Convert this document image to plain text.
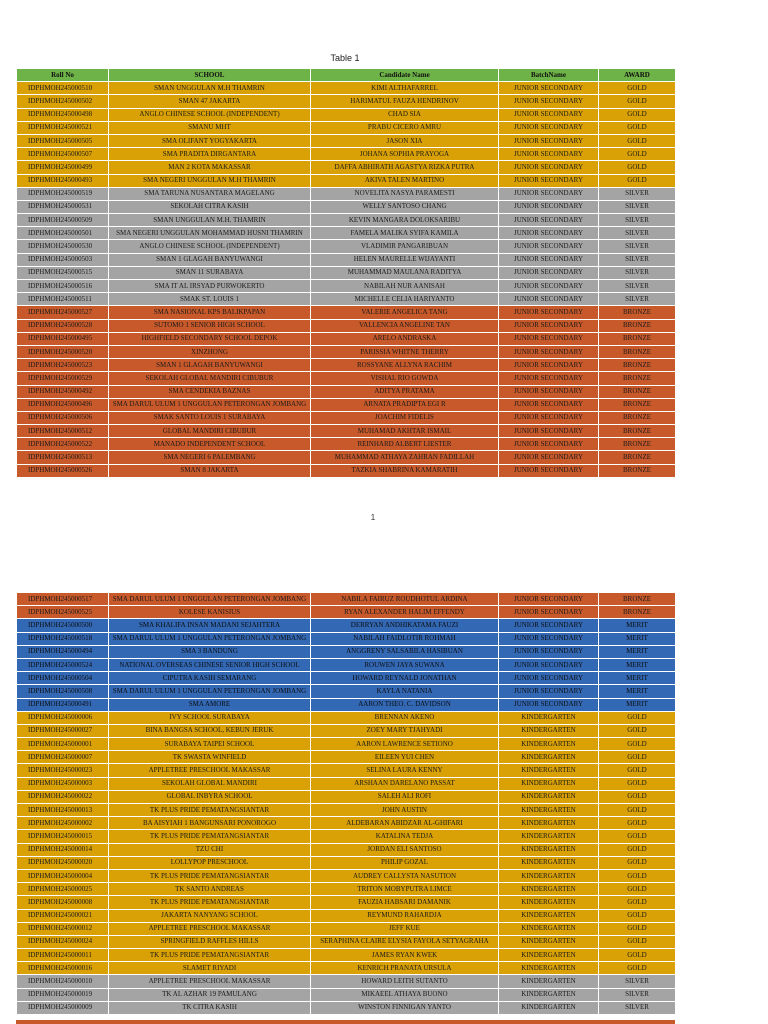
Table 1
Roll No	SCHOOL	Candidate Name	BatchName	AWARD
IDPHMOH245000510	SMAN UNGGULAN M.H THAMRIN	KIMI ALTHAFARREL	JUNIOR SECONDARY	GOLD
IDPHMOH245000502	SMAN 47 JAKARTA	HARIMATUL FAUZA HENDRINOV	JUNIOR SECONDARY	GOLD
IDPHMOH245000498	ANGLO CHINESE SCHOOL (INDEPENDENT)	CHAD SIA	JUNIOR SECONDARY	GOLD
IDPHMOH245000521	SMANU MHT	PRABU CICERO AMRU	JUNIOR SECONDARY	GOLD
IDPHMOH245000505	SMA OLIFANT YOGYAKARTA	JASON XIA	JUNIOR SECONDARY	GOLD
IDPHMOH245000507	SMA PRADITA DIRGANTARA	JOHANA SOPHIA PRAYOGA	JUNIOR SECONDARY	GOLD
IDPHMOH245000499	MAN 2 KOTA MAKASSAR	DAFFA ABHIRATH AGASTYA RIZKA PUTRA	JUNIOR SECONDARY	GOLD
IDPHMOH245000493	SMA NEGERI UNGGULAN M.H THAMRIN	AKIVA TALEN MARTINO	JUNIOR SECONDARY	GOLD
IDPHMOH245000519	SMA TARUNA NUSANTARA MAGELANG	NOVELITA NASYA PARAMESTI	JUNIOR SECONDARY	SILVER
IDPHMOH245000531	SEKOLAH CITRA KASIH	WELLY SANTOSO CHANG	JUNIOR SECONDARY	SILVER
IDPHMOH245000509	SMAN UNGGULAN M.H. THAMRIN	KEVIN MANGARA DOLOKSARIBU	JUNIOR SECONDARY	SILVER
IDPHMOH245000501	SMA NEGERI UNGGULAN MOHAMMAD HUSNI THAMRIN	FAMELA MALIKA SYIFA KAMILA	JUNIOR SECONDARY	SILVER
IDPHMOH245000530	ANGLO CHINESE SCHOOL (INDEPENDENT)	VLADIMIR PANGARIBUAN	JUNIOR SECONDARY	SILVER
IDPHMOH245000503	SMAN 1 GLAGAH BANYUWANGI	HELEN MAURELLE WIJAYANTI	JUNIOR SECONDARY	SILVER
IDPHMOH245000515	SMAN 11 SURABAYA	MUHAMMAD MAULANA RADITYA	JUNIOR SECONDARY	SILVER
IDPHMOH245000516	SMA IT AL IRSYAD PURWOKERTO	NABILAH NUR AANISAH	JUNIOR SECONDARY	SILVER
IDPHMOH245000511	SMAK ST. LOUIS 1	MICHELLE CELIA HARIYANTO	JUNIOR SECONDARY	SILVER
IDPHMOH245000527	SMA NASIONAL KPS BALIKPAPAN	VALERIE ANGELICA TANG	JUNIOR SECONDARY	BRONZE
IDPHMOH245000528	SUTOMO 1 SENIOR HIGH SCHOOL	VALLENCIA ANGELINE TAN	JUNIOR SECONDARY	BRONZE
IDPHMOH245000495	HIGHFIELD SECONDARY SCHOOL DEPOK	ARELO ANDRASKA	JUNIOR SECONDARY	BRONZE
IDPHMOH245000520	XINZHONG	PARISSIA WHITNE THERRY	JUNIOR SECONDARY	BRONZE
IDPHMOH245000523	SMAN 1 GLAGAH BANYUWANGI	ROSSYANE ALLYNA RACHIM	JUNIOR SECONDARY	BRONZE
IDPHMOH245000529	SEKOLAH GLOBAL MANDIRI CIBUBUR	VISHAL RIO GOWDA	JUNIOR SECONDARY	BRONZE
IDPHMOH245000492	SMA CENDEKIA BAZNAS	ADITYA PRATAMA	JUNIOR SECONDARY	BRONZE
IDPHMOH245000496	SMA DARUL ULUM 1 UNGGULAN PETERONGAN JOMBANG	ARNATA PRADIPTA EGI R	JUNIOR SECONDARY	BRONZE
IDPHMOH245000506	SMAK SANTO LOUIS 1 SURABAYA	JOACHIM FIDELIS	JUNIOR SECONDARY	BRONZE
IDPHMOH245000512	GLOBAL MANDIRI CIBUBUR	MUHAMAD AKHTAR ISMAIL	JUNIOR SECONDARY	BRONZE
IDPHMOH245000522	MANADO INDEPENDENT SCHOOL	REINHARD ALBERT LIESTER	JUNIOR SECONDARY	BRONZE
IDPHMOH245000513	SMA NEGERI 6 PALEMBANG	MUHAMMAD ATHAYA ZAHRAN FADILLAH	JUNIOR SECONDARY	BRONZE
IDPHMOH245000526	SMAN 8 JAKARTA	TAZKIA SHABRINA KAMARATIH	JUNIOR SECONDARY	BRONZE
1
IDPHMOH245000517	SMA DARUL ULUM 1 UNGGULAN PETERONGAN JOMBANG	NABILA FAIRUZ ROUDHOTUL ARDINA	JUNIOR SECONDARY	BRONZE
IDPHMOH245000525	KOLESE KANISIUS	RYAN ALEXANDER HALIM EFFENDY	JUNIOR SECONDARY	BRONZE
IDPHMOH245000500	SMA KHALIFA INSAN MADANI SEJAHTERA	DERRYAN ANDHIKATAMA FAUZI	JUNIOR SECONDARY	MERIT
IDPHMOH245000518	SMA DARUL ULUM 1 UNGGULAN PETERONGAN JOMBANG	NABILAH FAIDLOTIR ROHMAH	JUNIOR SECONDARY	MERIT
IDPHMOH245000494	SMA 3 BANDUNG	ANGGRENY SALSABILA HASIBUAN	JUNIOR SECONDARY	MERIT
IDPHMOH245000524	NATIONAL OVERSEAS CHINESE SENIOR HIGH SCHOOL	ROUWEN JAYA SUWANA	JUNIOR SECONDARY	MERIT
IDPHMOH245000504	CIPUTRA KASIH SEMARANG	HOWARD REYNALD JONATHAN	JUNIOR SECONDARY	MERIT
IDPHMOH245000508	SMA DARUL ULUM 1 UNGGULAN PETERONGAN JOMBANG	KAYLA NATANIA	JUNIOR SECONDARY	MERIT
IDPHMOH245000491	SMA AMORE	AARON THEO. C. DAVIDSON	JUNIOR SECONDARY	MERIT
IDPHMOH245000006	IVY SCHOOL SURABAYA	BRENNAN AKENO	KINDERGARTEN	GOLD
IDPHMOH245000027	BINA BANGSA SCHOOL, KEBUN JERUK	ZOEY MARY TJAHYADI	KINDERGARTEN	GOLD
IDPHMOH245000001	SURABAYA TAIPEI SCHOOL	AARON LAWRENCE SETIONO	KINDERGARTEN	GOLD
IDPHMOH245000007	TK SWASTA WINFIELD	EILEEN YUI CHEN	KINDERGARTEN	GOLD
IDPHMOH245000023	APPLETREE PRESCHOOL MAKASSAR	SELINA LAURA KENNY	KINDERGARTEN	GOLD
IDPHMOH245000003	SEKOLAH GLOBAL MANDIRI	ARSHAAN DARELANO PASSAT	KINDERGARTEN	GOLD
IDPHMOH245000022	GLOBAL INBYRA SCHOOL	SALEH ALI ROFI	KINDERGARTEN	GOLD
IDPHMOH245000013	TK PLUS PRIDE PEMATANGSIANTAR	JOHN AUSTIN	KINDERGARTEN	GOLD
IDPHMOH245000002	BA AISYIAH 1 BANGUNSARI PONOROGO	ALDEBARAN ABIDZAR AL-GHIFARI	KINDERGARTEN	GOLD
IDPHMOH245000015	TK PLUS PRIDE PEMATANGSIANTAR	KATALINA TEDJA	KINDERGARTEN	GOLD
IDPHMOH245000014	TZU CHI	JORDAN ELI SANTOSO	KINDERGARTEN	GOLD
IDPHMOH245000020	LOLLYPOP PRESCHOOL	PHILIP GOZAL	KINDERGARTEN	GOLD
IDPHMOH245000004	TK PLUS PRIDE PEMATANGSIANTAR	AUDREY CALLYSTA NASUTION	KINDERGARTEN	GOLD
IDPHMOH245000025	TK SANTO ANDREAS	TRITON MOBYPUTRA LIMCE	KINDERGARTEN	GOLD
IDPHMOH245000008	TK PLUS PRIDE PEMATANGSIANTAR	FAUZIA HABSARI DAMANIK	KINDERGARTEN	GOLD
IDPHMOH245000021	JAKARTA NANYANG SCHOOL	REYMUND RAHARDJA	KINDERGARTEN	GOLD
IDPHMOH245000012	APPLETREE PRESCHOOL MAKASSAR	JEFF KUE	KINDERGARTEN	GOLD
IDPHMOH245000024	SPRINGFIELD RAFFLES HILLS	SERAPHINA CLAIRE ELYSIA FAYOLA SETYAGRAHA	KINDERGARTEN	GOLD
IDPHMOH245000011	TK PLUS PRIDE PEMATANGSIANTAR	JAMES RYAN KWEK	KINDERGARTEN	GOLD
IDPHMOH245000016	SLAMET RIYADI	KENRICH PRANATA URSULA	KINDERGARTEN	GOLD
IDPHMOH245000010	APPLETREE PRESCHOOL MAKASSAR	HOWARD LEITH SUTANTO	KINDERGARTEN	SILVER
IDPHMOH245000019	TK AL AZHAR 19 PAMULANG	MIKAEEL ATHAYA BUONO	KINDERGARTEN	SILVER
IDPHMOH245000009	TK CITRA KASIH	WINSTON FINNIGAN YANTO	KINDERGARTEN	SILVER
